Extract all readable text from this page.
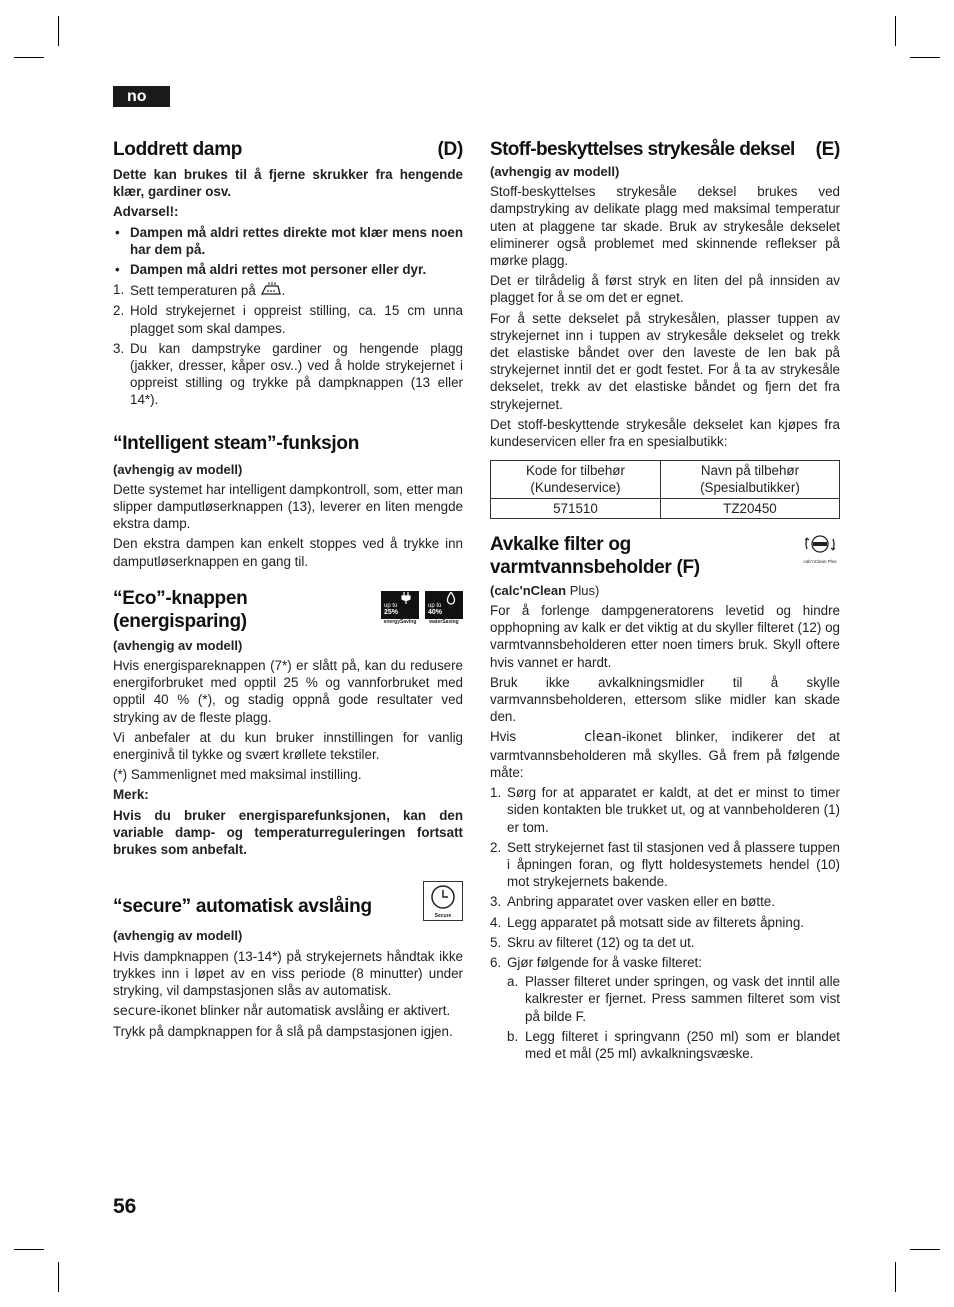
no
Loddrett damp	(D)

Dette kan brukes til å fjerne skrukker fra hengende klær, gardiner osv.

Advarsel!:

• Dampen må aldri rettes direkte mot klær mens noen har dem på.
• Dampen må aldri rettes mot personer eller dyr.
1. Sett temperaturen på .
2. Hold strykejernet i oppreist stilling, ca. 15 cm unna plagget som skal dampes.
3. Du kan dampstryke gardiner og hengende plagg (jakker, dresser, kåper osv..) ved å holde strykejernet i oppreist stilling og trykke på dampknappen (13 eller 14*).
“Intelligent steam”-funksjon

(avhengig av modell)

Dette systemet har intelligent dampkontroll, som, etter man slipper damputløserknappen (13), leverer en liten mengde ekstra damp.

Den ekstra dampen kan enkelt stoppes ved å trykke inn damputløserknappen en gang til.

“Eco”-knappen
(energisparing)
up to
25%
energySaving
up to
40%
waterSaving

(avhengig av modell)

Hvis energispareknappen (7*) er slått på, kan du redusere energiforbruket med opptil 25 % og vannforbruket med opptil 40 % (*), og stadig oppnå gode resultater ved stryking av de fleste plagg.

Vi anbefaler at du kun bruker innstillingen for vanlig energinivå til tykke og svært krøllete tekstiler.

(*) Sammenlignet med maksimal instilling.

Merk:

Hvis du bruker energisparefunksjonen, kan den variable damp- og temperaturreguleringen fortsatt brukes som anbefalt.

“secure” automatisk avslåing	Secure

(avhengig av modell)

Hvis dampknappen (13-14*) på strykejernets håndtak ikke trykkes inn i løpet av en viss periode (8 minutter) under stryking, vil dampstasjonen slås av automatisk.

secure-ikonet blinker når automatisk avslåing er aktivert.

Trykk på dampknappen for å slå på dampstasjonen igjen.

Stoff-beskyttelses strykesåle deksel (E)

(avhengig av modell)

Stoff-beskyttelses strykesåle deksel brukes ved dampstryking av delikate plagg med maksimal temperatur uten at plaggene tar skade. Bruk av strykesåle dekselet eliminerer også problemet med skinnende reflekser på mørke plagg.

Det er tilrådelig å først stryk en liten del på innsiden av plagget for å se om det er egnet.

For å sette dekselet på strykesålen, plasser tuppen av strykejernet inn i tuppen av strykesåle dekselet og trekk det elastiske båndet over den laveste de len bak på strykejernet inntil det er godt festet. For å ta av strykesåle dekselet, trekk av det elastiske båndet og fjern det fra strykejernet.

Det stoff-beskyttende strykesåle dekselet kan kjøpes fra kundeservicen eller fra en spesialbutikk:

Kode for tilbehør (Kundeservice)	Navn på tilbehør (Spesialbutikker)
571510	TZ20450
Avkalke filter og
varmtvannsbeholder (F)	calc'nClean Plus

(calc'nClean Plus)

For å forlenge dampgeneratorens levetid og hindre opphopning av kalk er det viktig at du skyller filteret (12) og varmtvannsbeholderen etter noen timers bruk. Skyll oftere hvis vannet er hardt.

Bruk ikke avkalkningsmidler til å skylle varmvannsbeholderen, ettersom slike midler kan skade den.

Hvis	clean-ikonet blinker, indikerer det at varmtvannsbeholderen må skylles. Gå frem på følgende måte:

1. Sørg for at apparatet er kaldt, at det er minst to timer siden kontakten ble trukket ut, og at vannbeholderen (1) er tom.
2. Sett strykejernet fast til stasjonen ved å plassere tuppen i åpningen foran, og flytt holdesystemets hendel (10) mot strykejernets bakende.
3. Anbring apparatet over vasken eller en bøtte.
4. Legg apparatet på motsatt side av filterets åpning.
5. Skru av filteret (12) og ta det ut.
6. Gjør følgende for å vaske filteret:
a. Plasser filteret under springen, og vask det inntil alle kalkrester er fjernet. Press sammen filteret som vist på bilde F.
b. Legg filteret i springvann (250 ml) som er blandet med et mål (25 ml) avkalkningsvæske.
56
